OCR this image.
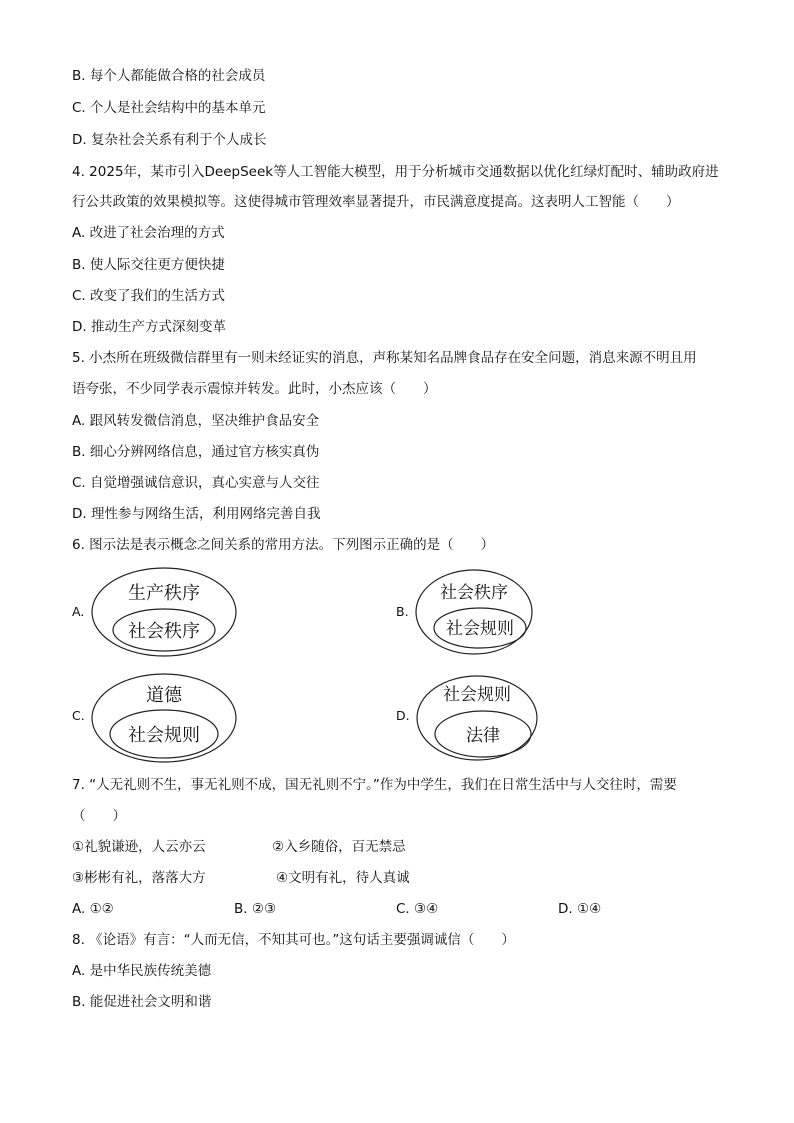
B. 每个人都能做合格的社会成员
C. 个人是社会结构中的基本单元
D. 复杂社会关系有利于个人成长
4. 2025年，某市引入DeepSeek等人工智能大模型，用于分析城市交通数据以优化红绿灯配时、辅助政府进
行公共政策的效果模拟等。这使得城市管理效率显著提升，市民满意度提高。这表明人工智能（　　）
A. 改进了社会治理的方式
B. 使人际交往更方便快捷
C. 改变了我们的生活方式
D. 推动生产方式深刻变革
5. 小杰所在班级微信群里有一则未经证实的消息，声称某知名品牌食品存在安全问题，消息来源不明且用
语夸张，不少同学表示震惊并转发。此时，小杰应该（　　）
A. 跟风转发微信消息，坚决维护食品安全
B. 细心分辨网络信息，通过官方核实真伪
C. 自觉增强诚信意识，真心实意与人交往
D. 理性参与网络生活，利用网络完善自我
6. 图示法是表示概念之间关系的常用方法。下列图示正确的是（　　）
A.
生产秩序
社会秩序
B.
社会秩序
社会规则
C.
道德
社会规则
D.
社会规则
法律
7. “人无礼则不生，事无礼则不成，国无礼则不宁。”作为中学生，我们在日常生活中与人交往时，需要
（　　）
①礼貌谦逊，人云亦云	②入乡随俗，百无禁忌
③彬彬有礼，落落大方	④文明有礼，待人真诚
A. ①②	B. ②③	C. ③④	D. ①④
8. 《论语》有言：“人而无信，不知其可也。”这句话主要强调诚信（　　）
A. 是中华民族传统美德
B. 能促进社会文明和谐
